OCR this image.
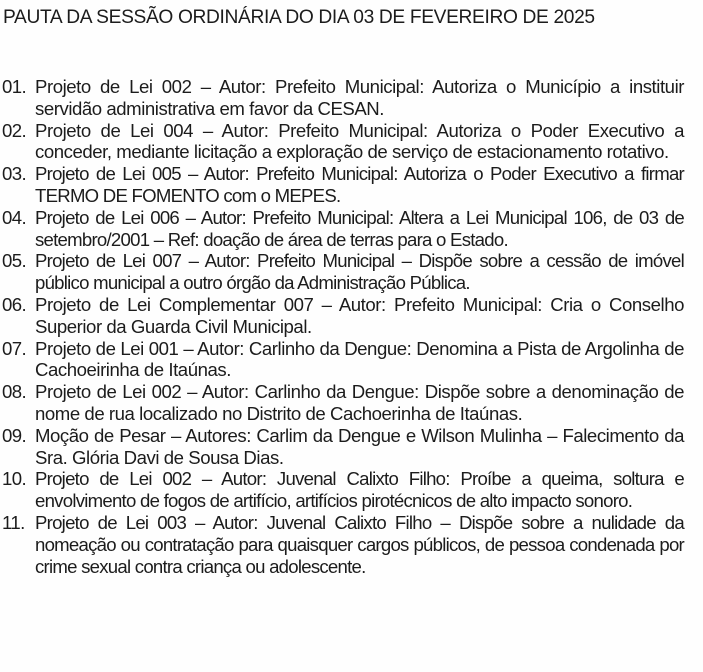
PAUTA DA SESSÃO ORDINÁRIA DO DIA 03 DE FEVEREIRO DE 2025
01. Projeto de Lei 002 – Autor: Prefeito Municipal: Autoriza o Município a instituir servidão administrativa em favor da CESAN.
02. Projeto de Lei 004 – Autor: Prefeito Municipal: Autoriza o Poder Executivo a conceder, mediante licitação a exploração de serviço de estacionamento rotativo.
03. Projeto de Lei 005 – Autor: Prefeito Municipal: Autoriza o Poder Executivo a firmar TERMO DE FOMENTO com o MEPES.
04. Projeto de Lei 006 – Autor: Prefeito Municipal: Altera a Lei Municipal 106, de 03 de setembro/2001 – Ref: doação de área de terras para o Estado.
05. Projeto de Lei 007 – Autor: Prefeito Municipal – Dispõe sobre a cessão de imóvel público municipal a outro órgão da Administração Pública.
06. Projeto de Lei Complementar 007 – Autor: Prefeito Municipal: Cria o Conselho Superior da Guarda Civil Municipal.
07. Projeto de Lei 001 – Autor: Carlinho da Dengue: Denomina a Pista de Argolinha de Cachoeirinha de Itaúnas.
08. Projeto de Lei 002 – Autor: Carlinho da Dengue: Dispõe sobre a denominação de nome de rua localizado no Distrito de Cachoerinha de Itaúnas.
09. Moção de Pesar – Autores: Carlim da Dengue e Wilson Mulinha – Falecimento da Sra. Glória Davi de Sousa Dias.
10. Projeto de Lei 002 – Autor: Juvenal Calixto Filho: Proíbe a queima, soltura e envolvimento de fogos de artifício, artifícios pirotécnicos de alto impacto sonoro.
11. Projeto de Lei 003 – Autor: Juvenal Calixto Filho – Dispõe sobre a nulidade da nomeação ou contratação para quaisquer cargos públicos, de pessoa condenada por crime sexual contra criança ou adolescente.
